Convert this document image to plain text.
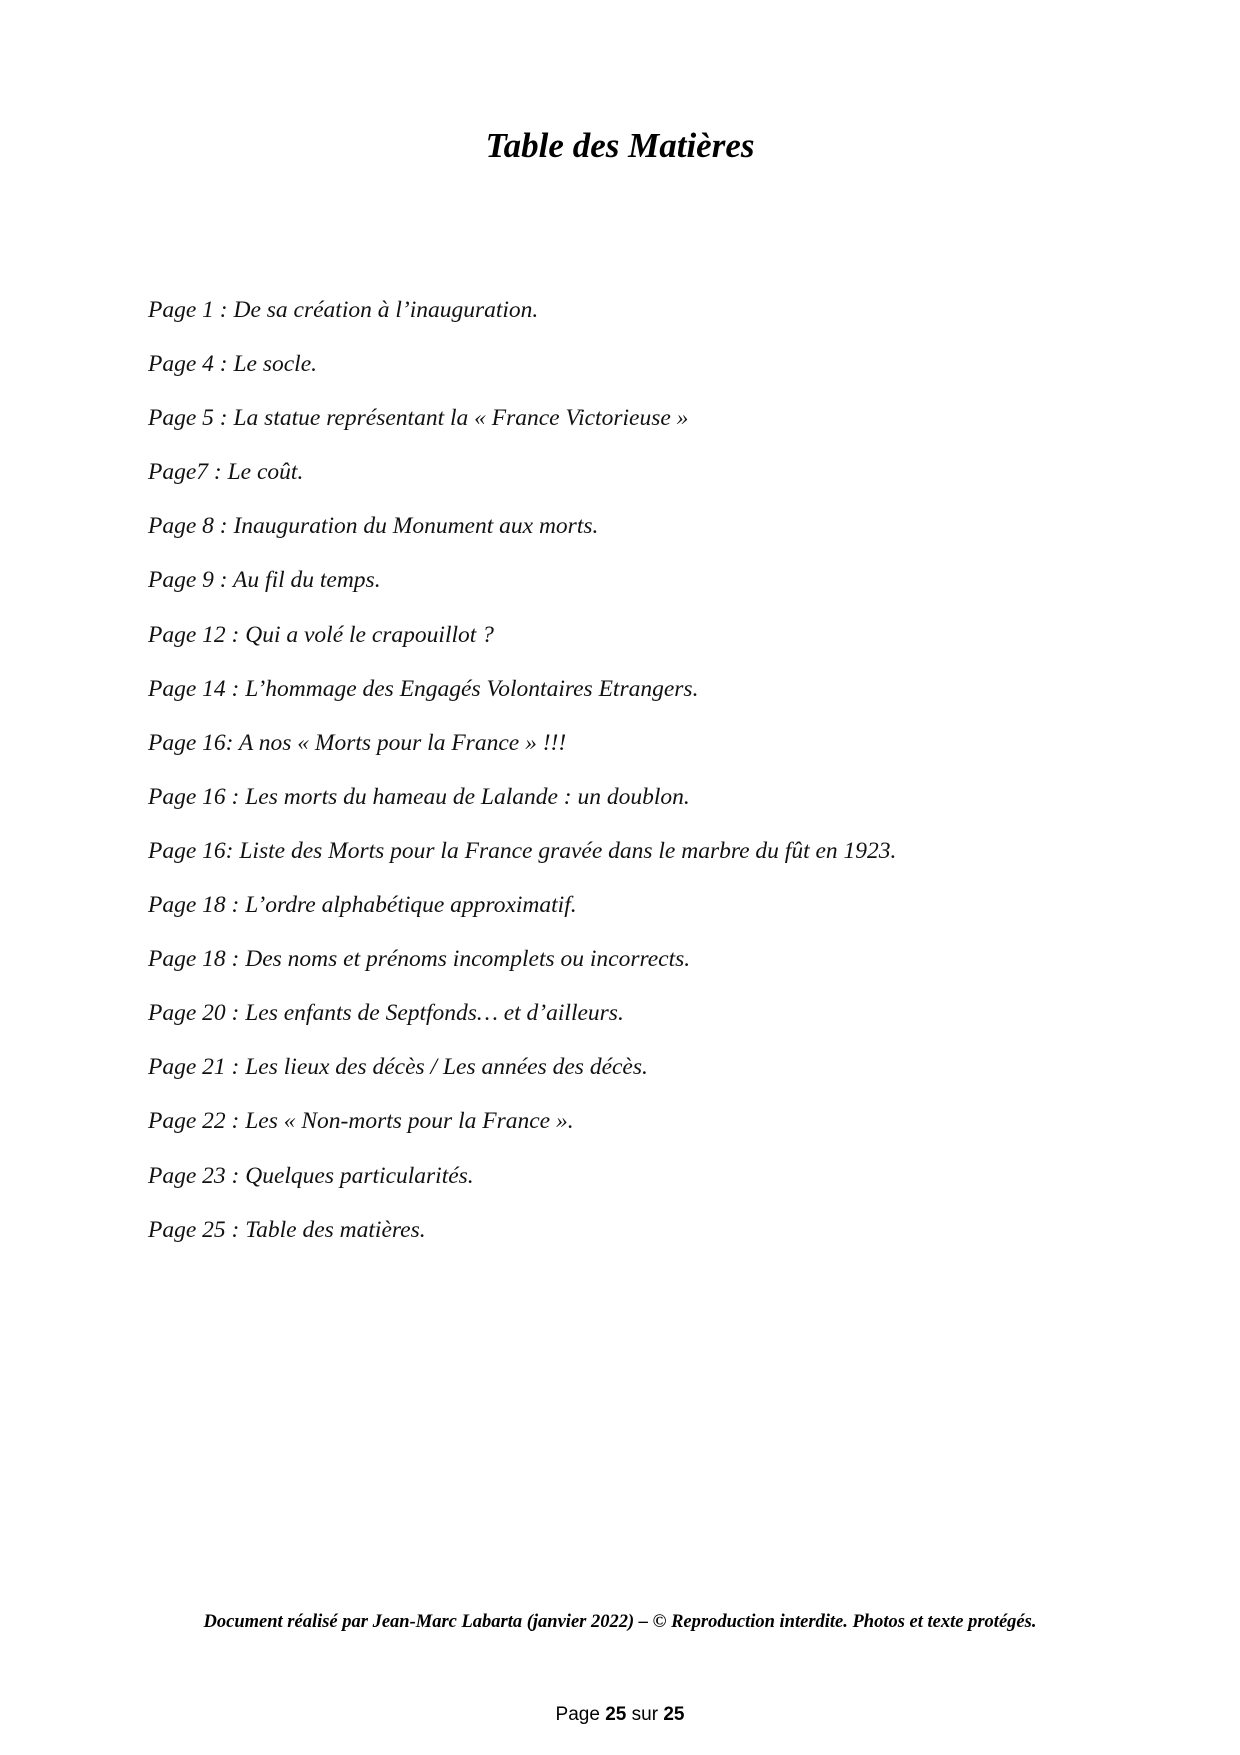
Table des Matières
Page 1 : De sa création à l’inauguration.
Page 4 : Le socle.
Page 5 : La statue représentant la « France Victorieuse »
Page7 : Le coût.
Page 8 : Inauguration du Monument aux morts.
Page 9 : Au fil du temps.
Page 12 : Qui a volé le crapouillot ?
Page 14 : L’hommage des Engagés Volontaires Etrangers.
Page 16: A nos « Morts pour la France » !!!
Page 16 : Les morts du hameau de Lalande : un doublon.
Page 16: Liste des Morts pour la France gravée dans le marbre du fût en 1923.
Page 18 : L’ordre alphabétique approximatif.
Page 18 : Des noms et prénoms incomplets ou incorrects.
Page 20 : Les enfants de Septfonds… et d’ailleurs.
Page 21 : Les lieux des décès / Les années des décès.
Page 22 : Les « Non-morts pour la France ».
Page 23 : Quelques particularités.
Page 25 : Table des matières.
Document réalisé par Jean-Marc Labarta (janvier 2022) – © Reproduction interdite. Photos et texte protégés.
Page 25 sur 25
